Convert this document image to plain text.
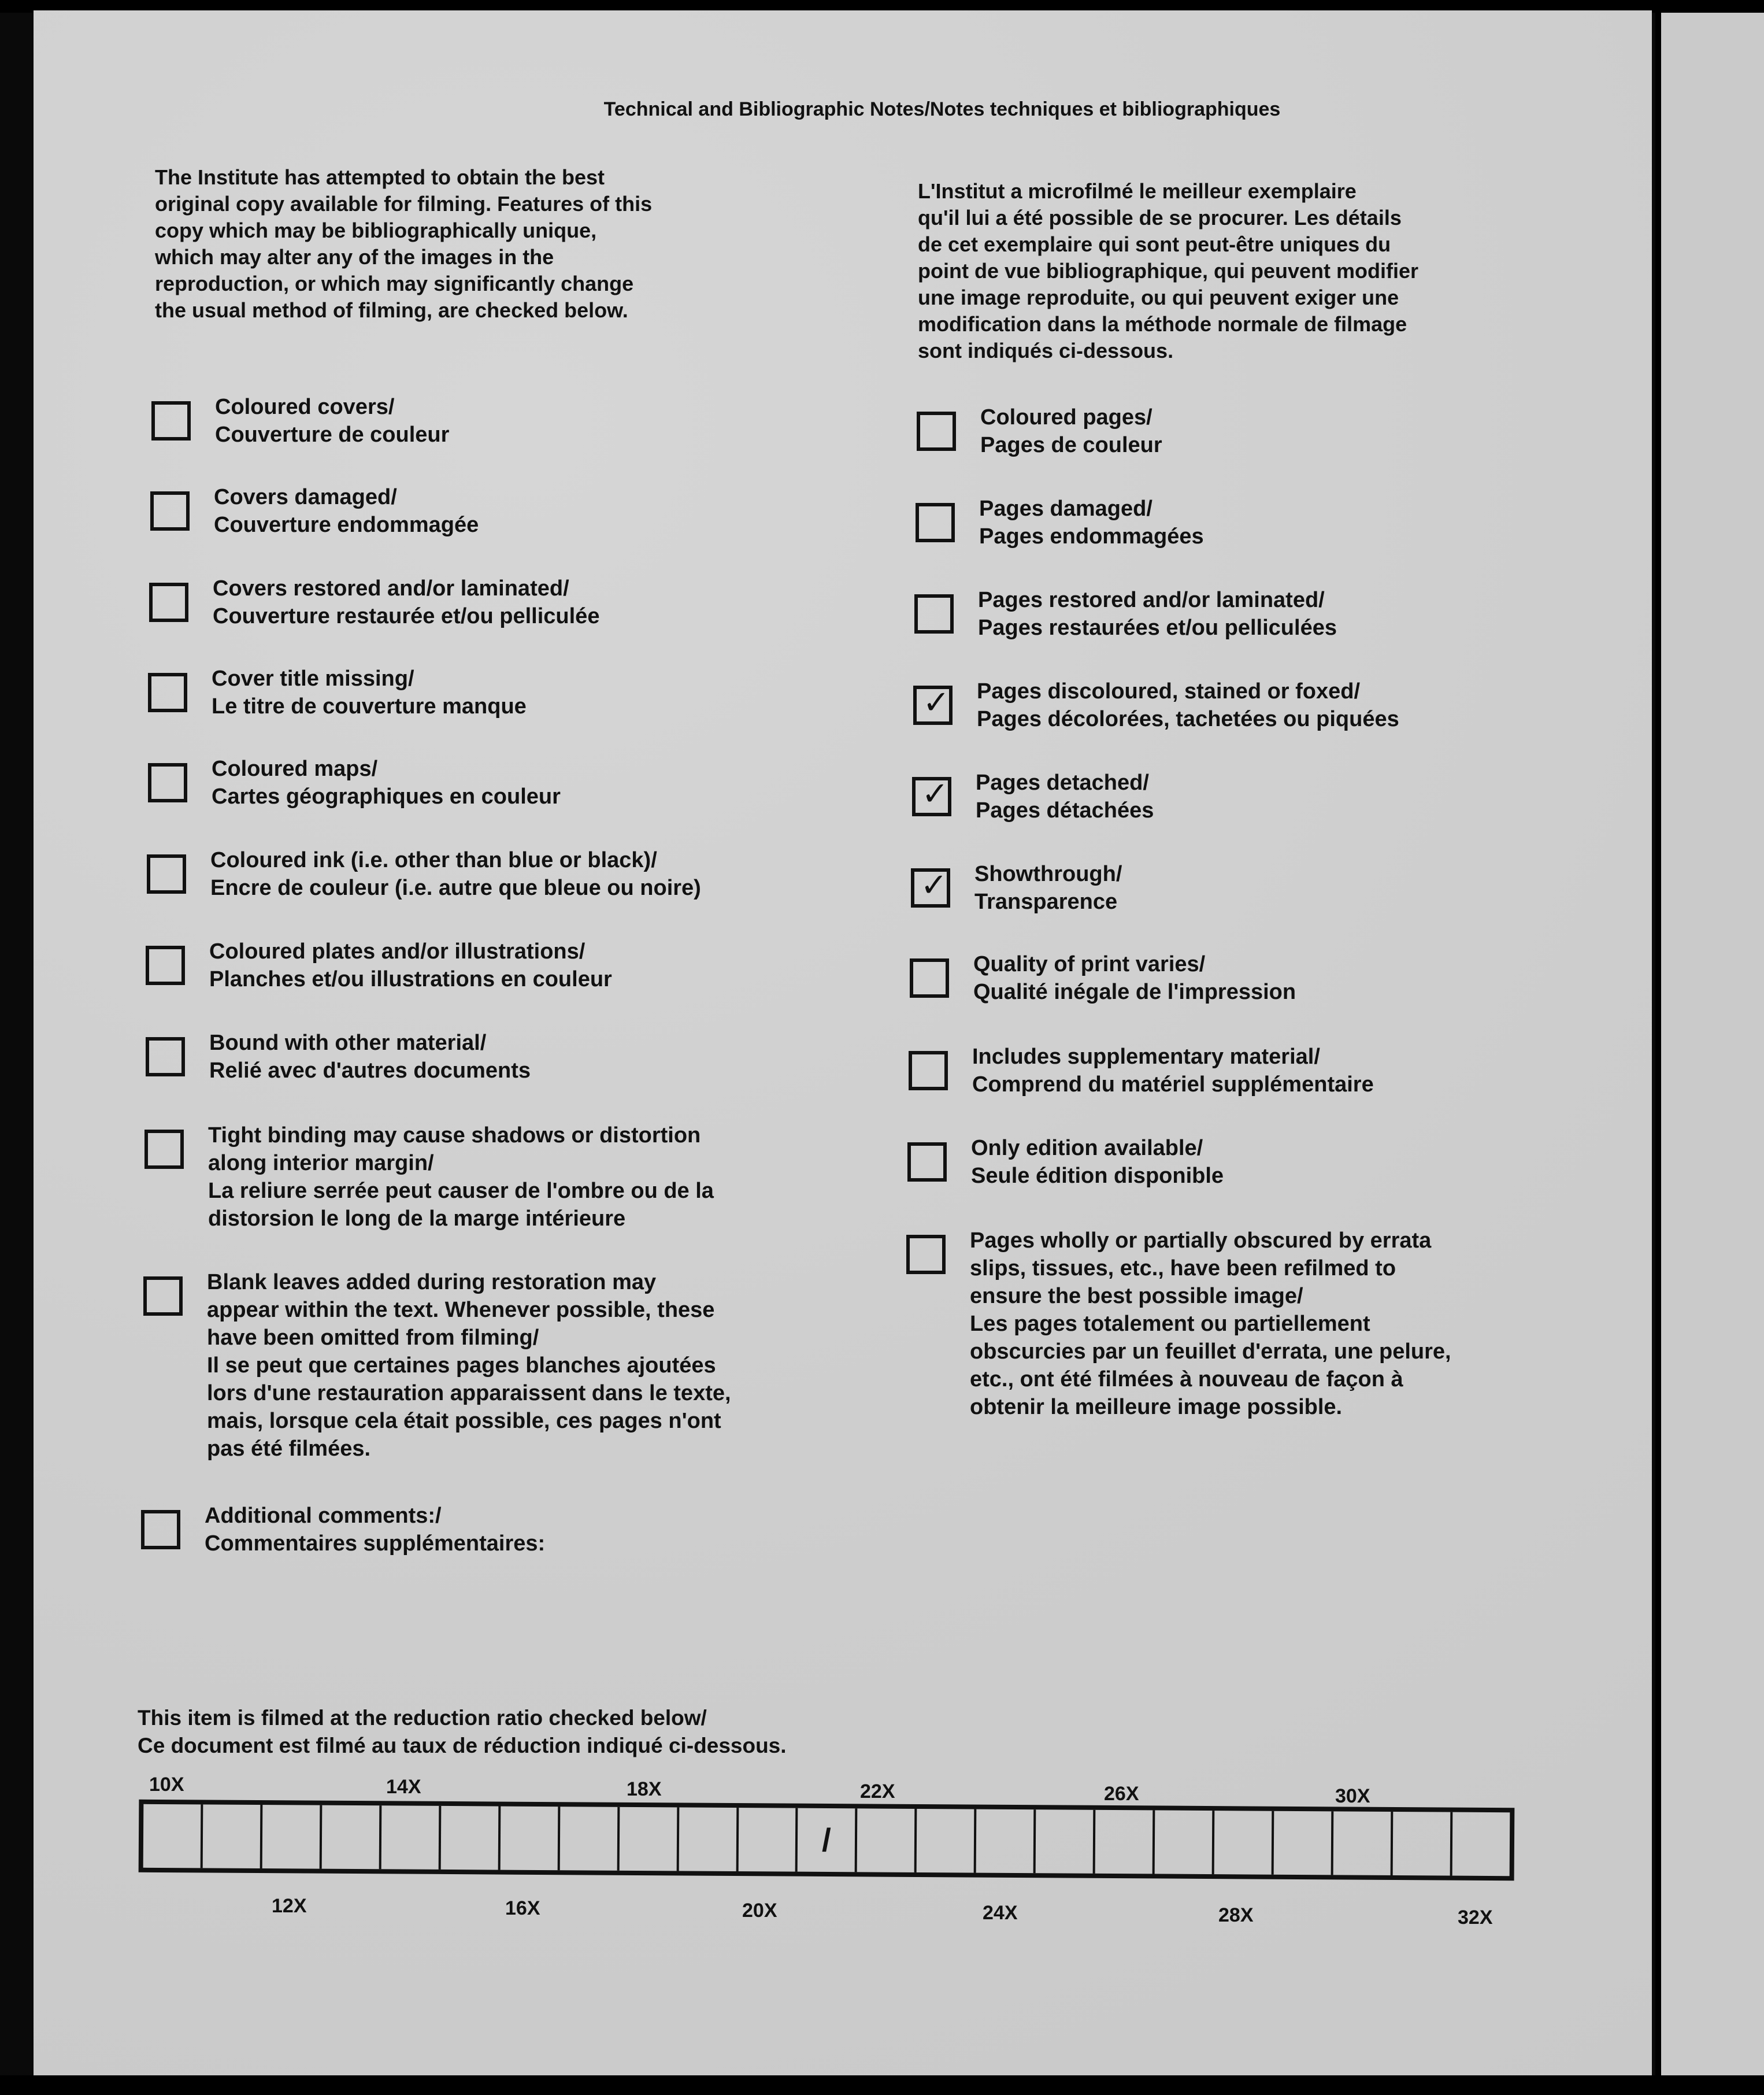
Technical and Bibliographic Notes/Notes techniques et bibliographiques
The Institute has attempted to obtain the best
original copy available for filming. Features of this
copy which may be bibliographically unique,
which may alter any of the images in the
reproduction, or which may significantly change
the usual method of filming, are checked below.
L'Institut a microfilmé le meilleur exemplaire
qu'il lui a été possible de se procurer. Les détails
de cet exemplaire qui sont peut-être uniques du
point de vue bibliographique, qui peuvent modifier
une image reproduite, ou qui peuvent exiger une
modification dans la méthode normale de filmage
sont indiqués ci-dessous.
Coloured covers/
Couverture de couleur
Covers damaged/
Couverture endommagée
Covers restored and/or laminated/
Couverture restaurée et/ou pelliculée
Cover title missing/
Le titre de couverture manque
Coloured maps/
Cartes géographiques en couleur
Coloured ink (i.e. other than blue or black)/
Encre de couleur (i.e. autre que bleue ou noire)
Coloured plates and/or illustrations/
Planches et/ou illustrations en couleur
Bound with other material/
Relié avec d'autres documents
Tight binding may cause shadows or distortion
along interior margin/
La reliure serrée peut causer de l'ombre ou de la
distorsion le long de la marge intérieure
Blank leaves added during restoration may
appear within the text. Whenever possible, these
have been omitted from filming/
Il se peut que certaines pages blanches ajoutées
lors d'une restauration apparaissent dans le texte,
mais, lorsque cela était possible, ces pages n'ont
pas été filmées.
Additional comments:/
Commentaires supplémentaires:
Coloured pages/
Pages de couleur
Pages damaged/
Pages endommagées
Pages restored and/or laminated/
Pages restaurées et/ou pelliculées
✓ Pages discoloured, stained or foxed/
Pages décolorées, tachetées ou piquées
✓ Pages detached/
Pages détachées
✓ Showthrough/
Transparence
Quality of print varies/
Qualité inégale de l'impression
Includes supplementary material/
Comprend du matériel supplémentaire
Only edition available/
Seule édition disponible
Pages wholly or partially obscured by errata
slips, tissues, etc., have been refilmed to
ensure the best possible image/
Les pages totalement ou partiellement
obscurcies par un feuillet d'errata, une pelure,
etc., ont été filmées à nouveau de façon à
obtenir la meilleure image possible.
This item is filmed at the reduction ratio checked below/
Ce document est filmé au taux de réduction indiqué ci-dessous.
10X	14X	18X	22X	26X	30X
12X	16X	20X	24X	28X	32X
/
